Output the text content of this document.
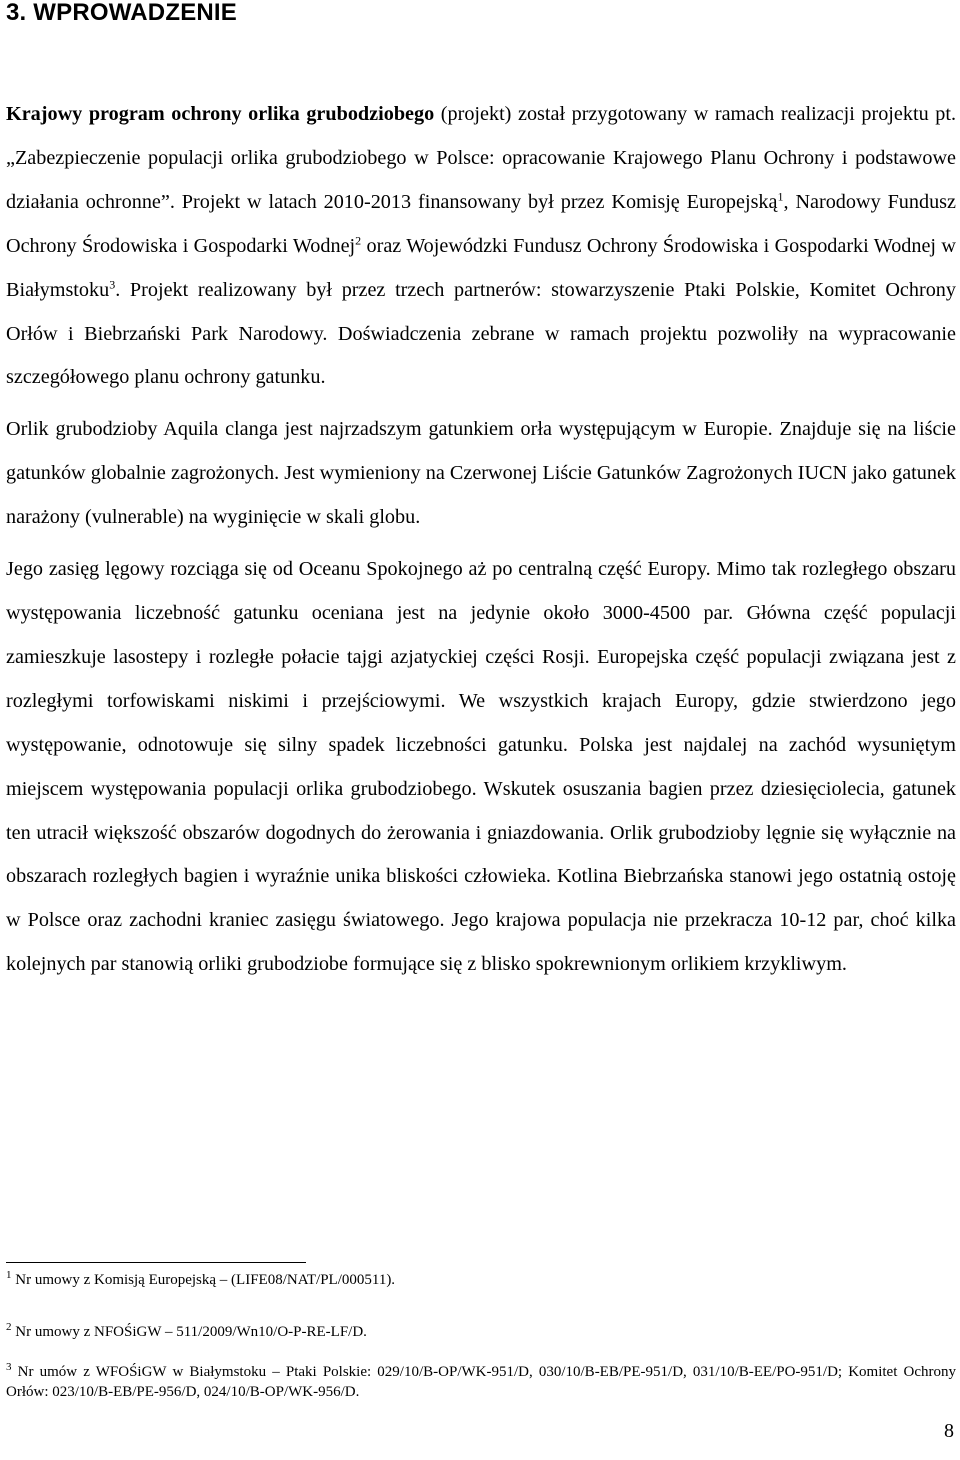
3. WPROWADZENIE

Krajowy program ochrony orlika grubodziobego (projekt) został przygotowany w ramach realizacji projektu pt. „Zabezpieczenie populacji orlika grubodziobego w Polsce: opracowanie Krajowego Planu Ochrony i podstawowe działania ochronne”. Projekt w latach 2010-2013 finansowany był przez Komisję Europejską$^1$, Narodowy Fundusz Ochrony Środowiska i Gospodarki Wodnej$^2$ oraz Wojewódzki Fundusz Ochrony Środowiska i Gospodarki Wodnej w Białymstoku$^3$. Projekt realizowany był przez trzech partnerów: stowarzyszenie Ptaki Polskie, Komitet Ochrony Orłów i Biebrzański Park Narodowy. Doświadczenia zebrane w ramach projektu pozwoliły na wypracowanie szczegółowego planu ochrony gatunku.

Orlik grubodzioby Aquila clanga jest najrzadszym gatunkiem orła występującym w Europie. Znajduje się na liście gatunków globalnie zagrożonych. Jest wymieniony na Czerwonej Liście Gatunków Zagrożonych IUCN jako gatunek narażony (vulnerable) na wyginięcie w skali globu.

Jego zasięg lęgowy rozciąga się od Oceanu Spokojnego aż po centralną część Europy. Mimo tak rozległego obszaru występowania liczebność gatunku oceniana jest na jedynie około 3000-4500 par. Główna część populacji zamieszkuje lasostepy i rozległe połacie tajgi azjatyckiej części Rosji. Europejska część populacji związana jest z rozległymi torfowiskami niskimi i przejściowymi. We wszystkich krajach Europy, gdzie stwierdzono jego występowanie, odnotowuje się silny spadek liczebności gatunku. Polska jest najdalej na zachód wysuniętym miejscem występowania populacji orlika grubodziobego. Wskutek osuszania bagien przez dziesięciolecia, gatunek ten utracił większość obszarów dogodnych do żerowania i gniazdowania. Orlik grubodzioby lęgnie się wyłącznie na obszarach rozległych bagien i wyraźnie unika bliskości człowieka. Kotlina Biebrzańska stanowi jego ostatnią ostoję w Polsce oraz zachodni kraniec zasięgu światowego. Jego krajowa populacja nie przekracza 10-12 par, choć kilka kolejnych par stanowią orliki grubodziobe formujące się z blisko spokrewnionym orlikiem krzykliwym.

$^1$ Nr umowy z Komisją Europejską – (LIFE08/NAT/PL/000511).

$^2$ Nr umowy z NFOŚiGW – 511/2009/Wn10/O-P-RE-LF/D.

$^3$ Nr umów z WFOŚiGW w Białymstoku – Ptaki Polskie: 029/10/B-OP/WK-951/D, 030/10/B-EB/PE-951/D, 031/10/B-EE/PO-951/D; Komitet Ochrony Orłów: 023/10/B-EB/PE-956/D, 024/10/B-OP/WK-956/D.

8
